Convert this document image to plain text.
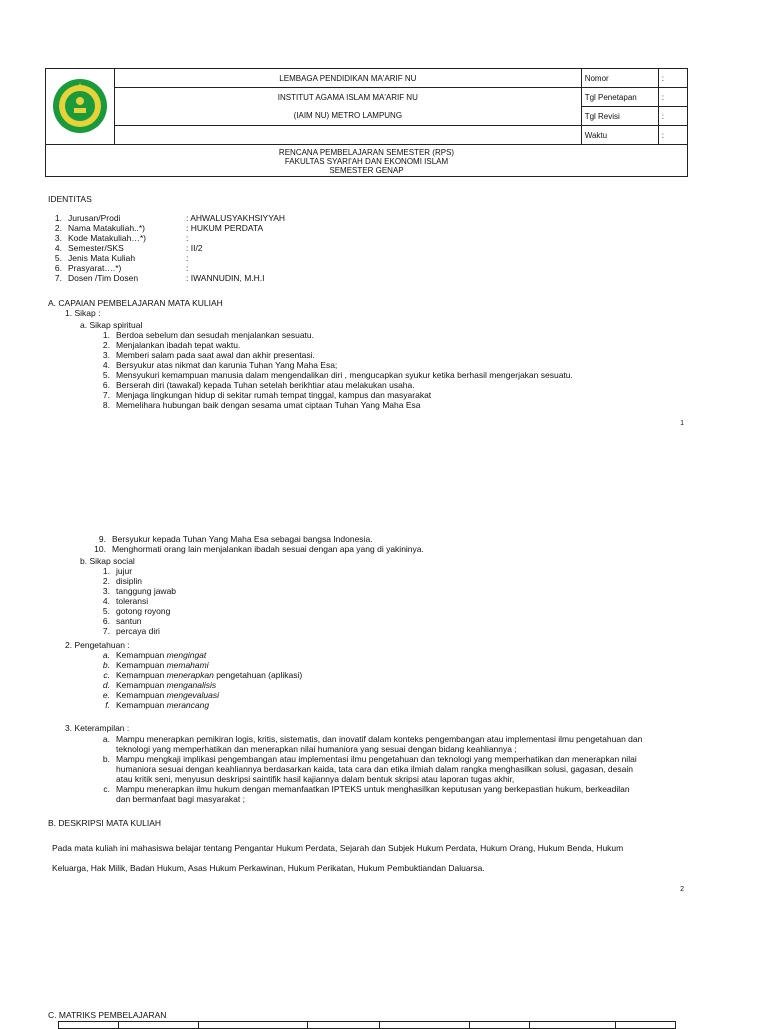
	LEMBAGA PENDIDIKAN MA'ARIF NU	Nomor	:
	INSTITUT AGAMA ISLAM MA'ARIF NU	Tgl Penetapan	:
	(IAIM NU) METRO LAMPUNG	Tgl Revisi	:
		Waktu	:

RENCANA PEMBELAJARAN SEMESTER (RPS)
FAKULTAS SYARI'AH DAN EKONOMI ISLAM
SEMESTER GENAP			
IDENTITAS
1. Jurusan/Prodi	: AHWALUSYAKHSIYYAH
2. Nama Matakuliah..*)	: HUKUM PERDATA
3. Kode Matakuliah…*)	:
4. Semester/SKS	: II/2
5. Jenis Mata Kuliah	:
6. Prasyarat….*)	:
7. Dosen /Tim Dosen	: IWANNUDIN, M.H.I
A. CAPAIAN PEMBELAJARAN MATA KULIAH
1. Sikap :
a. Sikap spiritual
1. Berdoa sebelum dan sesudah menjalankan sesuatu.
2. Menjalankan ibadah tepat waktu.
3. Memberi salam pada saat awal dan akhir presentasi.
4. Bersyukur atas nikmat dan karunia Tuhan Yang Maha Esa;
5. Mensyukuri kemampuan manusia dalam mengendalikan diri , mengucapkan syukur ketika berhasil mengerjakan sesuatu.
6. Berserah diri (tawakal) kepada Tuhan setelah berikhtiar atau melakukan usaha.
7. Menjaga lingkungan hidup di sekitar rumah tempat tinggal, kampus dan masyarakat
8. Memelihara hubungan baik dengan sesama umat ciptaan Tuhan Yang Maha Esa
1
9. Bersyukur kepada Tuhan Yang Maha Esa sebagai bangsa Indonesia.
10. Menghormati orang lain menjalankan ibadah sesuai dengan apa yang di yakininya.
b. Sikap social
1. jujur
2. disiplin
3. tanggung jawab
4. toleransi
5. gotong royong
6. santun
7. percaya diri
2. Pengetahuan :
a. Kemampuan mengingat
b. Kemampuan memahami
c. Kemampuan menerapkan pengetahuan (aplikasi)
d. Kemampuan menganalisis
e. Kemampuan mengevaluasi
f. Kemampuan merancang
3. Keterampilan :
a. Mampu menerapkan pemikiran logis, kritis, sistematis, dan inovatif dalam konteks pengembangan atau implementasi ilmu pengetahuan dan
teknologi yang memperhatikan dan menerapkan nilai humaniora yang sesuai dengan bidang keahliannya ;
b. Mampu mengkaji implikasi pengembangan atau implementasi ilmu pengetahuan dan teknologi yang memperhatikan dan menerapkan nilai
humaniora sesuai dengan keahliannya berdasarkan kaida, tata cara dan etika ilmiah dalam rangka menghasilkan solusi, gagasan, desain
atau kritik seni, menyusun deskripsi saintifik hasil kajiannya dalam bentuk skripsi atau laporan tugas akhir,
c. Mampu menerapkan ilmu hukum dengan memanfaatkan IPTEKS untuk menghasilkan keputusan yang berkepastian hukum, berkeadilan
dan bermanfaat bagi masyarakat ;
B. DESKRIPSI MATA KULIAH
Pada mata kuliah ini mahasiswa belajar tentang Pengantar Hukum Perdata, Sejarah dan Subjek Hukum Perdata, Hukum Orang, Hukum Benda, Hukum
Keluarga, Hak Milik, Badan Hukum, Asas Hukum Perkawinan, Hukum Perikatan, Hukum Pembuktiandan Daluarsa.
2
C. MATRIKS PEMBELAJARAN
